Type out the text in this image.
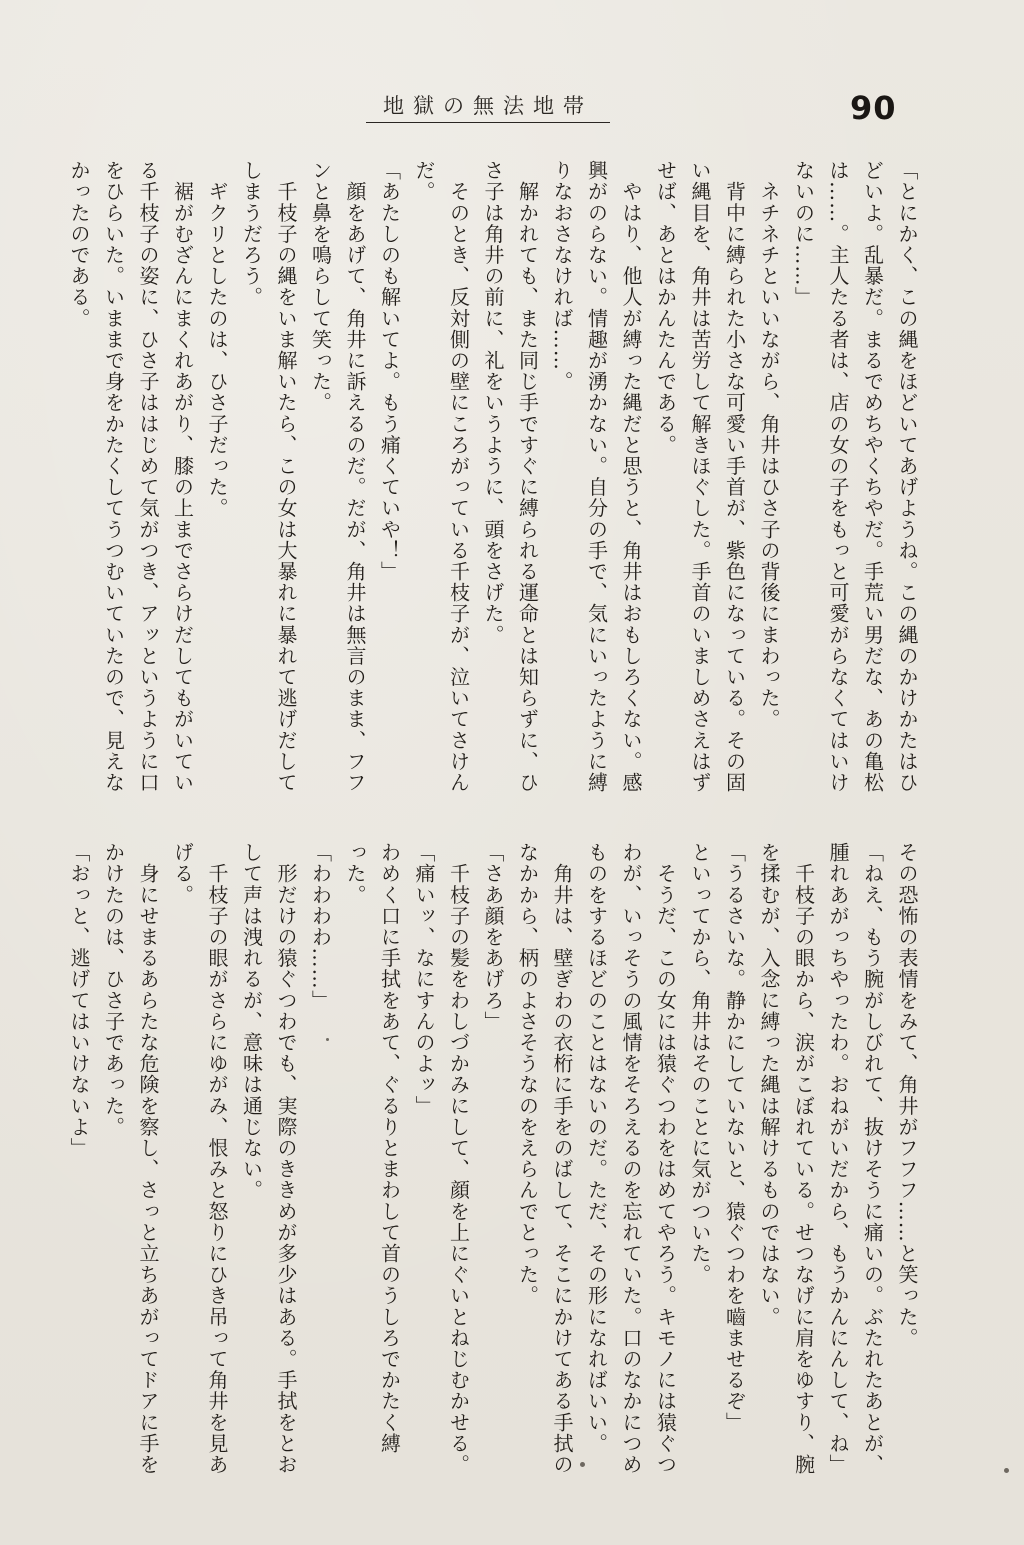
地獄の無法地帯	90

「とにかく、この縄をほどいてあげようね。この縄のかけかたはひ

どいよ。乱暴だ。まるでめちやくちやだ。手荒い男だな、あの亀松

は……。主人たる者は、店の女の子をもっと可愛がらなくてはいけ

ないのに……」

　ネチネチといいながら、角井はひさ子の背後にまわった。

　背中に縛られた小さな可愛い手首が、紫色になっている。その固

い縄目を、角井は苦労して解きほぐした。手首のいましめさえはず

せば、あとはかんたんである。

　やはり、他人が縛った縄だと思うと、角井はおもしろくない。感

興がのらない。情趣が湧かない。自分の手で、気にいったように縛

りなおさなければ……。

　解かれても、また同じ手ですぐに縛られる運命とは知らずに、ひ

さ子は角井の前に、礼をいうように、頭をさげた。

　そのとき、反対側の壁にころがっている千枝子が、泣いてさけん

だ。

「あたしのも解いてよ。もう痛くていや！」

　顔をあげて、角井に訴えるのだ。だが、角井は無言のまま、フフ

ンと鼻を鳴らして笑った。

　千枝子の縄をいま解いたら、この女は大暴れに暴れて逃げだして

しまうだろう。

　ギクリとしたのは、ひさ子だった。

　裾がむざんにまくれあがり、膝の上までさらけだしてもがいてい

る千枝子の姿に、ひさ子ははじめて気がつき、アッというように口

をひらいた。いままで身をかたくしてうつむいていたので、見えな

かったのである。

その恐怖の表情をみて、角井がフフフ……と笑った。

「ねえ、もう腕がしびれて、抜けそうに痛いの。ぶたれたあとが、

腫れあがっちやったわ。おねがいだから、もうかんにんして、ね」

　千枝子の眼から、涙がこぼれている。せつなげに肩をゆすり、腕

を揉むが、入念に縛った縄は解けるものではない。

「うるさいな。静かにしていないと、猿ぐつわを嚙ませるぞ」

といってから、角井はそのことに気がついた。

　そうだ、この女には猿ぐつわをはめてやろう。キモノには猿ぐつ

わが、いっそうの風情をそろえるのを忘れていた。口のなかにつめ

ものをするほどのことはないのだ。ただ、その形になればいい。

　角井は、壁ぎわの衣桁に手をのばして、そこにかけてある手拭の

なかから、柄のよさそうなのをえらんでとった。

「さあ顔をあげろ」

　千枝子の髪をわしづかみにして、顔を上にぐいとねじむかせる。

「痛いッ、なにすんのよッ」

わめく口に手拭をあて、ぐるりとまわして首のうしろでかたく縛

った。

「わわわわ……」

　形だけの猿ぐつわでも、実際のききめが多少はある。手拭をとお

して声は洩れるが、意味は通じない。

　千枝子の眼がさらにゆがみ、恨みと怒りにひき吊って角井を見あ

げる。

　身にせまるあらたな危険を察し、さっと立ちあがってドアに手を

かけたのは、ひさ子であった。

「おっと、逃げてはいけないよ」
